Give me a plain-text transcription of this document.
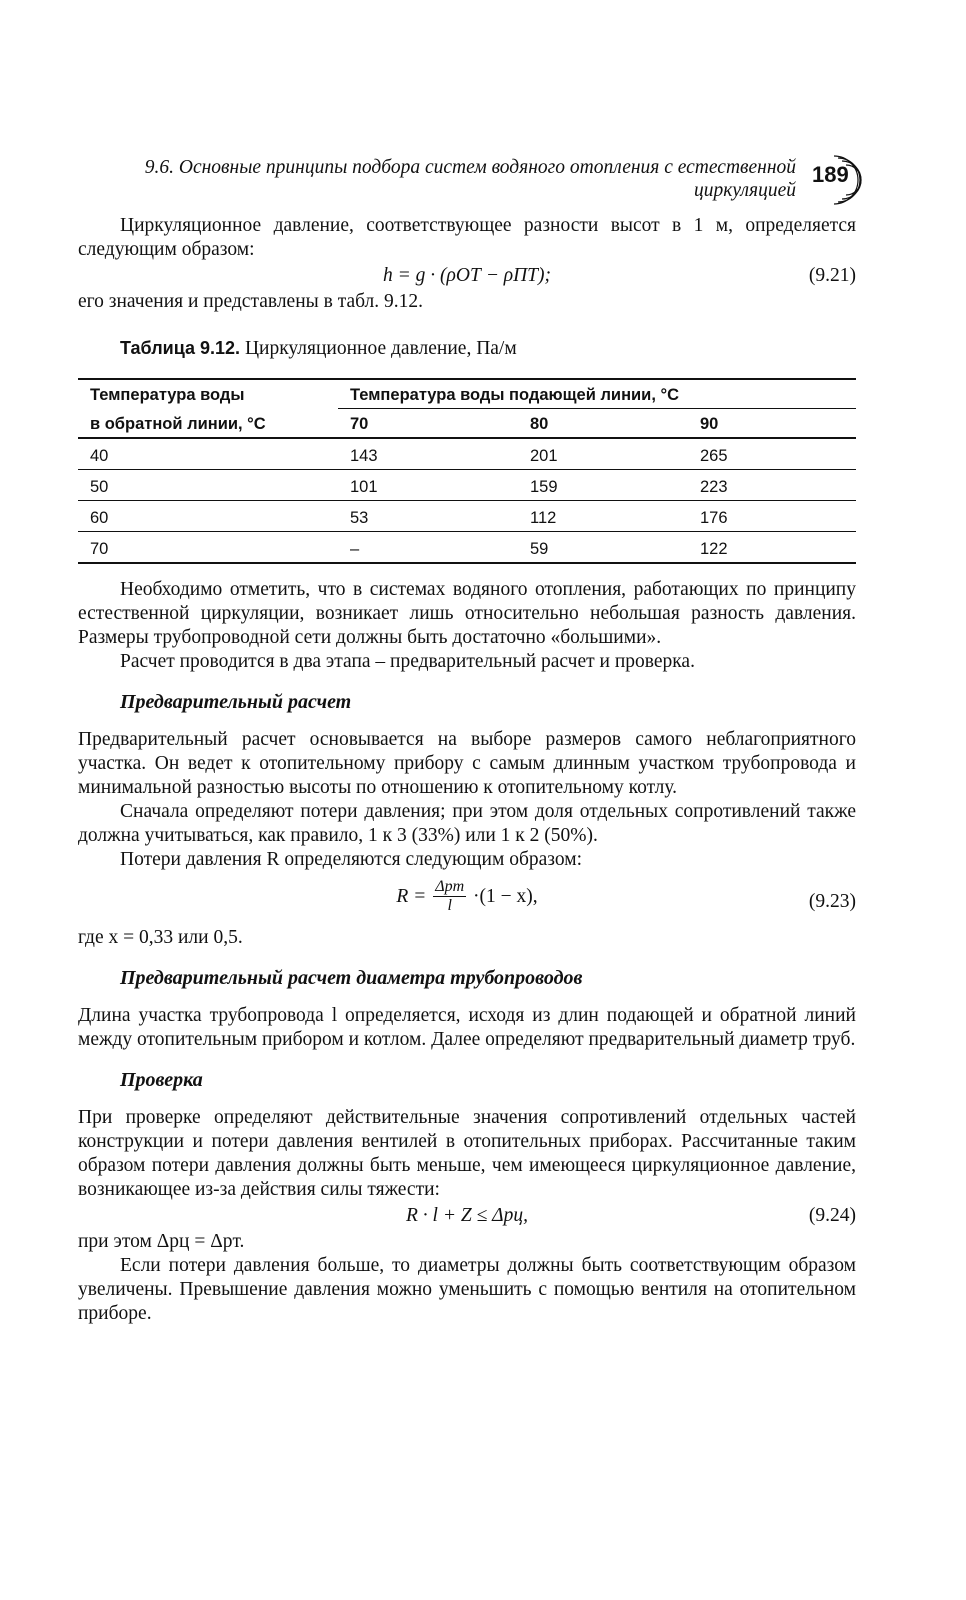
9.6. Основные принципы подбора систем водяного отопления с естественной
циркуляцией
189

Циркуляционное давление, соответствующее разности высот в 1 м, определяется следующим образом:

h = g · (ρОТ − ρПТ);	(9.21)

его значения и представлены в табл. 9.12.

Таблица 9.12. Циркуляционное давление, Па/м
Температура воды	Температура воды подающей линии, °С		
в обратной линии, °С	70	80	90
40	143	201	265
50	101	159	223
60	53	112	176
70	–	59	122

Необходимо отметить, что в системах водяного отопления, работающих по принципу естественной циркуляции, возникает лишь относительно небольшая разность давления. Размеры трубопроводной сети должны быть достаточно «большими».

Расчет проводится в два этапа – предварительный расчет и проверка.

Предварительный расчет

Предварительный расчет основывается на выборе размеров самого неблагоприятного участка. Он ведет к отопительному прибору с самым длинным участком трубопровода и минимальной разностью высоты по отношению к отопительному котлу.

Сначала определяют потери давления; при этом доля отдельных сопротивлений также должна учитываться, как правило, 1 к 3 (33%) или 1 к 2 (50%).

Потери давления R определяются следующим образом:

R = Δpт
l	·(1 − x),	(9.23)

где x = 0,33 или 0,5.

Предварительный расчет диаметра трубопроводов

Длина участка трубопровода l определяется, исходя из длин подающей и обратной линий между отопительным прибором и котлом. Далее определяют предварительный диаметр труб.

Проверка

При проверке определяют действительные значения сопротивлений отдельных частей конструкции и потери давления вентилей в отопительных приборах. Рассчитанные таким образом потери давления должны быть меньше, чем имеющееся циркуляционное давление, возникающее из-за действия силы тяжести:

R · l + Z ≤ Δpц,	(9.24)

при этом Δpц = Δpт.

Если потери давления больше, то диаметры должны быть соответствующим образом увеличены. Превышение давления можно уменьшить с помощью вентиля на отопительном приборе.
